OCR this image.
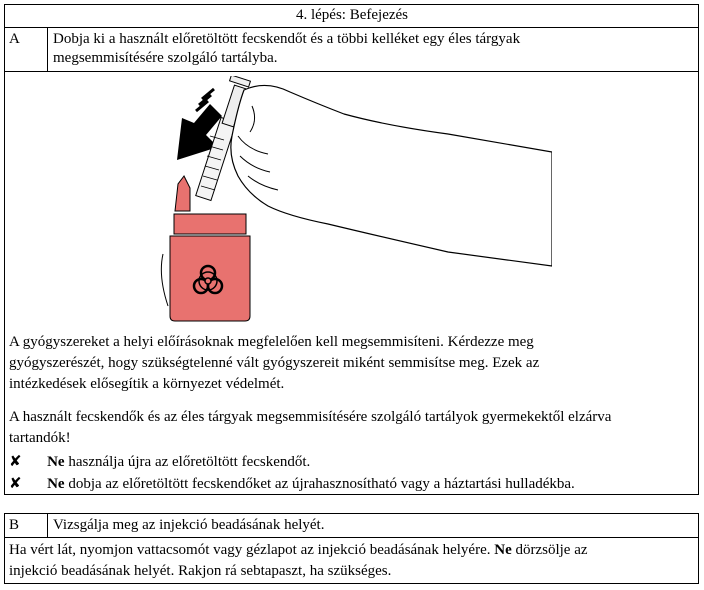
4. lépés: Befejezés
A Dobja ki a használt előretöltött fecskendőt és a többi kelléket egy éles tárgyak
megsemmisítésére szolgáló tartályba.
A gyógyszereket a helyi előírásoknak megfelelően kell megsemmisíteni. Kérdezze meg
gyógyszerészét, hogy szükségtelenné vált gyógyszereit miként semmisítse meg. Ezek az
intézkedések elősegítik a környezet védelmét.
A használt fecskendők és az éles tárgyak megsemmisítésére szolgáló tartályok gyermekektől elzárva
tartandók!
✘ Ne használja újra az előretöltött fecskendőt.
✘ Ne dobja az előretöltött fecskendőket az újrahasznosítható vagy a háztartási hulladékba.
B Vizsgálja meg az injekció beadásának helyét.
Ha vért lát, nyomjon vattacsomót vagy gézlapot az injekció beadásának helyére. Ne dörzsölje az
injekció beadásának helyét. Rakjon rá sebtapaszt, ha szükséges.
